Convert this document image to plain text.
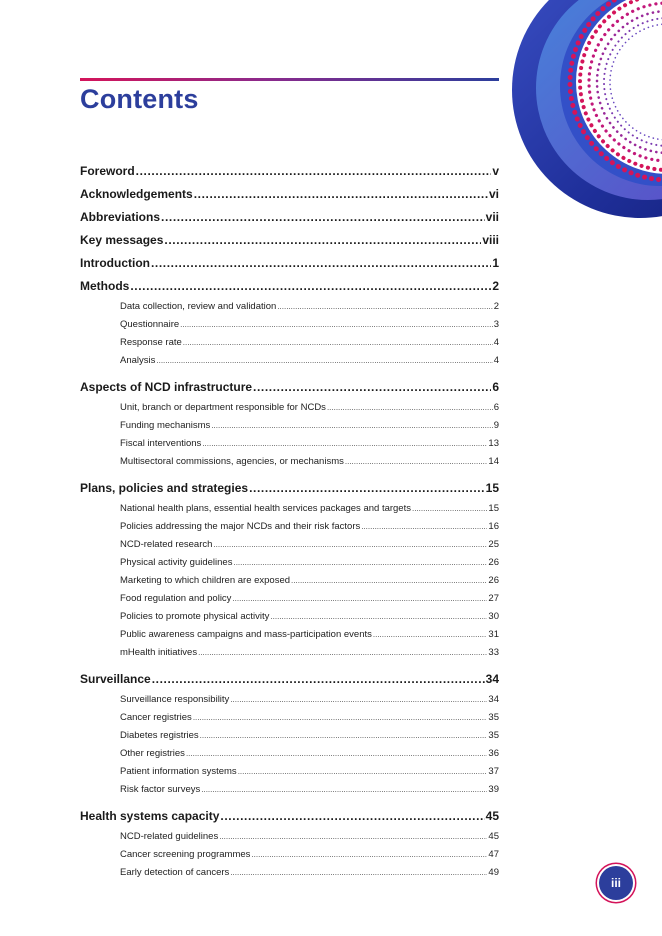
Contents
Foreword .....	v
Acknowledgements .....	vi
Abbreviations .....	vii
Key messages .....	viii
Introduction .....	1
Methods .....	2
Data collection, review and validation .....	2
Questionnaire .....	3
Response rate .....	4
Analysis .....	4
Aspects of NCD infrastructure .....	6
Unit, branch or department responsible for NCDs .....	6
Funding mechanisms .....	9
Fiscal interventions .....	13
Multisectoral commissions, agencies, or mechanisms .....	14
Plans, policies and strategies .....	15
National health plans, essential health services packages and targets .....	15
Policies addressing the major NCDs and their risk factors .....	16
NCD-related research .....	25
Physical activity guidelines .....	26
Marketing to which children are exposed .....	26
Food regulation and policy .....	27
Policies to promote physical activity .....	30
Public awareness campaigns and mass-participation events .....	31
mHealth initiatives .....	33
Surveillance .....	34
Surveillance responsibility .....	34
Cancer registries .....	35
Diabetes registries .....	35
Other registries .....	36
Patient information systems .....	37
Risk factor surveys .....	39
Health systems capacity .....	45
NCD-related guidelines .....	45
Cancer screening programmes .....	47
Early detection of cancers .....	49
iii
